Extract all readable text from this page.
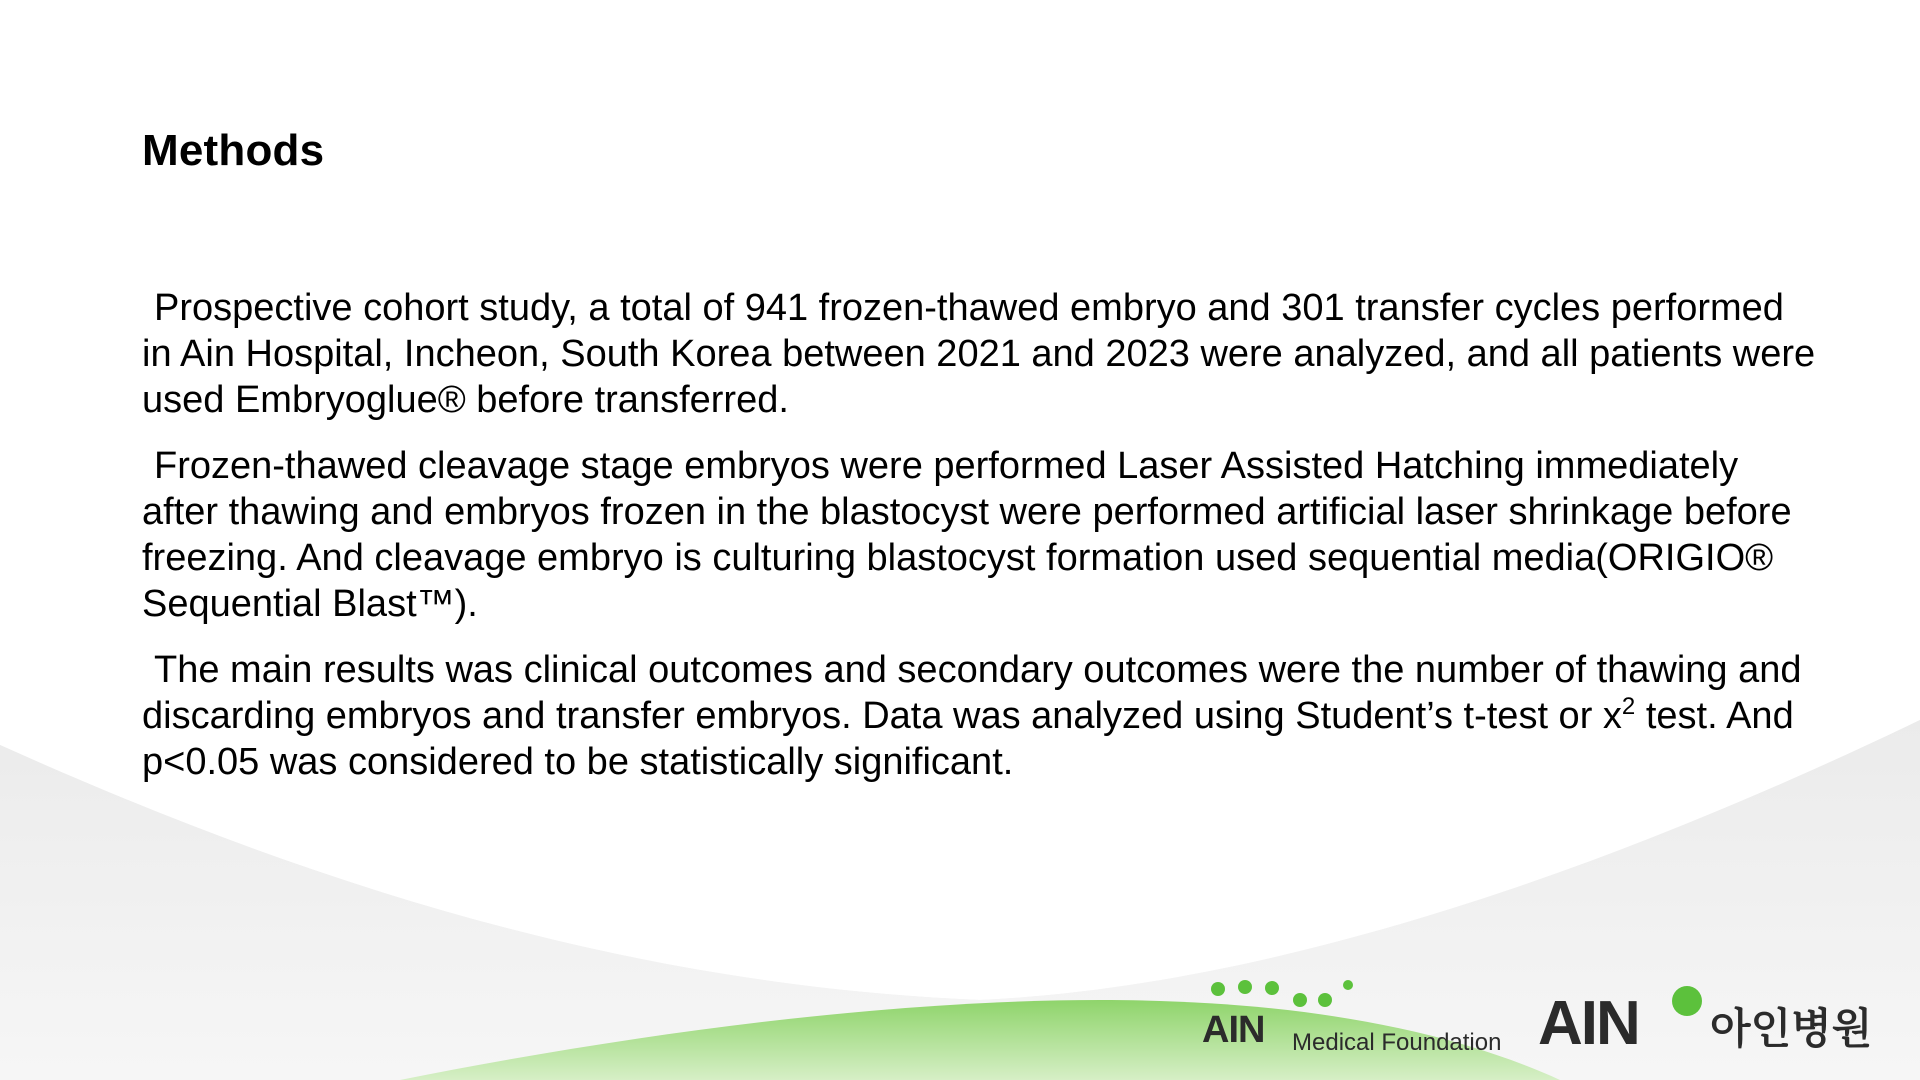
Methods

Prospective cohort study, a total of 941 frozen-thawed embryo and 301 transfer cycles performed in Ain Hospital, Incheon, South Korea between 2021 and 2023 were analyzed, and all patients were used Embryoglue® before transferred.

Frozen-thawed cleavage stage embryos were performed Laser Assisted Hatching immediately after thawing and embryos frozen in the blastocyst were performed artificial laser shrinkage before freezing. And cleavage embryo is culturing blastocyst formation used sequential media(ORIGIO® Sequential Blast™).

The main results was clinical outcomes and secondary outcomes were the number of thawing and discarding embryos and transfer embryos. Data was analyzed using Student’s t-test or $x^2$ test. And p<0.05 was considered to be statistically significant.

AIN Medical Foundation AIN 아인병원
